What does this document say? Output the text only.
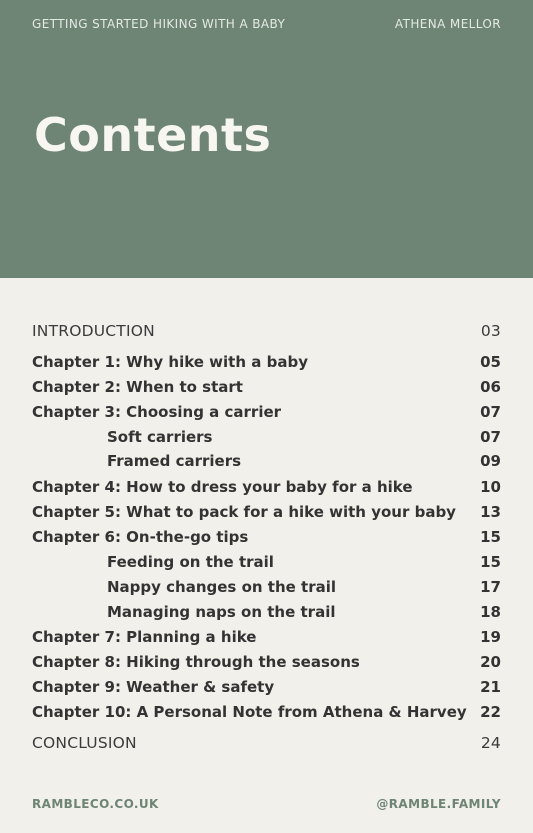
GETTING STARTED HIKING WITH A BABY	ATHENA MELLOR
Contents
INTRODUCTION	03
Chapter 1: Why hike with a baby	05
Chapter 2: When to start	06
Chapter 3: Choosing a carrier	07
Soft carriers	07
Framed carriers	09
Chapter 4: How to dress your baby for a hike	10
Chapter 5: What to pack for a hike with your baby 13
Chapter 6: On-the-go tips	15
Feeding on the trail	15
Nappy changes on the trail	17
Managing naps on the trail	18
Chapter 7: Planning a hike	19
Chapter 8: Hiking through the seasons	20
Chapter 9: Weather & safety	21
Chapter 10: A Personal Note from Athena & Harvey 22
CONCLUSION	24
RAMBLECO.CO.UK	@RAMBLE.FAMILY
